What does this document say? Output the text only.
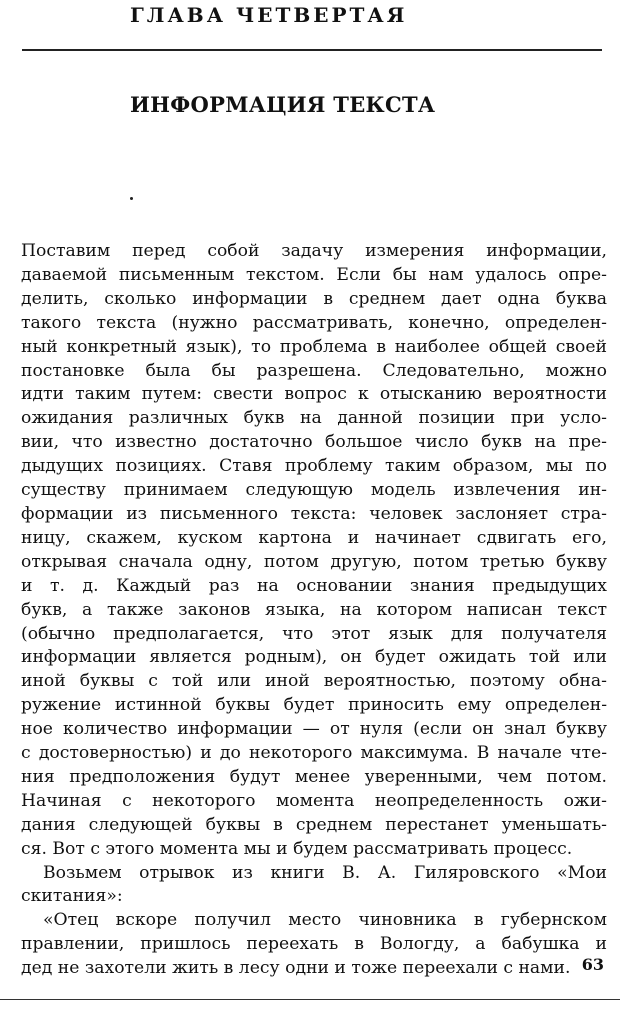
ГЛАВА ЧЕТВЕРТАЯ
ИНФОРМАЦИЯ ТЕКСТА
Поставим перед собой задачу измерения информации,
даваемой письменным текстом. Если бы нам удалось опре-
делить, сколько информации в среднем дает одна буква
такого текста (нужно рассматривать, конечно, определен-
ный конкретный язык), то проблема в наиболее общей своей
постановке была бы разрешена. Следовательно, можно
идти таким путем: свести вопрос к отысканию вероятности
ожидания различных букв на данной позиции при усло-
вии, что известно достаточно большое число букв на пре-
дыдущих позициях. Ставя проблему таким образом, мы по
существу принимаем следующую модель извлечения ин-
формации из письменного текста: человек заслоняет стра-
ницу, скажем, куском картона и начинает сдвигать его,
открывая сначала одну, потом другую, потом третью букву
и т. д. Каждый раз на основании знания предыдущих
букв, а также законов языка, на котором написан текст
(обычно предполагается, что этот язык для получателя
информации является родным), он будет ожидать той или
иной буквы с той или иной вероятностью, поэтому обна-
ружение истинной буквы будет приносить ему определен-
ное количество информации — от нуля (если он знал букву
с достоверностью) и до некоторого максимума. В начале чте-
ния предположения будут менее уверенными, чем потом.
Начиная с некоторого момента неопределенность ожи-
дания следующей буквы в среднем перестанет уменьшать-
ся. Вот с этого момента мы и будем рассматривать процесс.
Возьмем отрывок из книги В. А. Гиляровского «Мои
скитания»:
«Отец вскоре получил место чиновника в губернском
правлении, пришлось переехать в Вологду, а бабушка и
дед не захотели жить в лесу одни и тоже переехали с нами. 63
